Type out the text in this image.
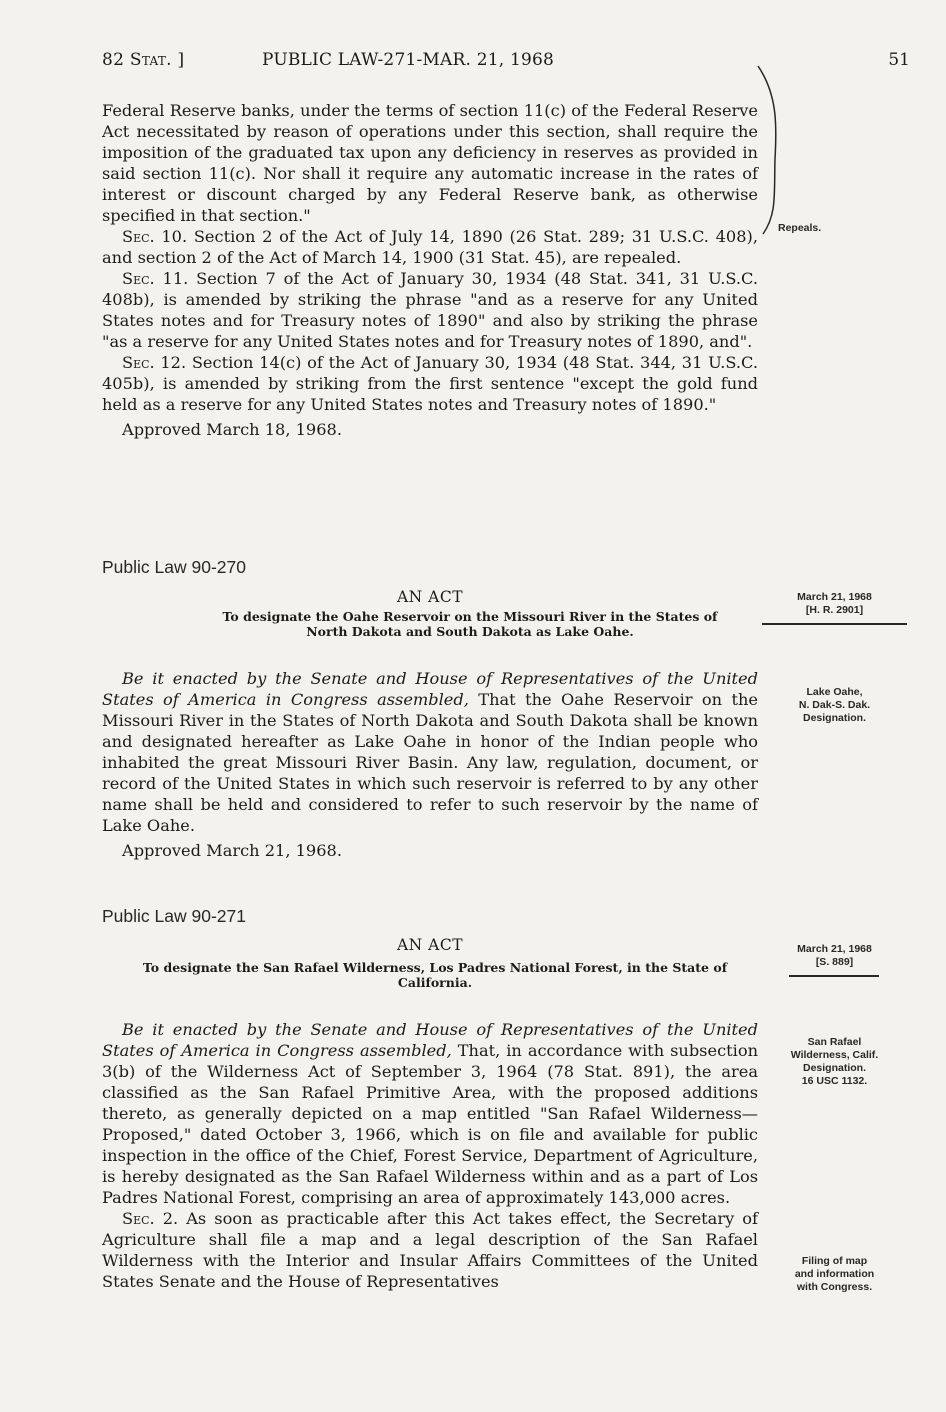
82 Stat. ]	PUBLIC LAW-271-MAR. 21, 1968	51

Federal Reserve banks, under the terms of section 11(c) of the Federal Reserve Act necessitated by reason of operations under this section, shall require the imposition of the graduated tax upon any deficiency in reserves as provided in said section 11(c). Nor shall it require any automatic increase in the rates of interest or discount charged by any Federal Reserve bank, as otherwise specified in that section."

Sec. 10. Section 2 of the Act of July 14, 1890 (26 Stat. 289; 31 U.S.C. 408), and section 2 of the Act of March 14, 1900 (31 Stat. 45), are repealed.

Sec. 11. Section 7 of the Act of January 30, 1934 (48 Stat. 341, 31 U.S.C. 408b), is amended by striking the phrase "and as a reserve for any United States notes and for Treasury notes of 1890" and also by striking the phrase "as a reserve for any United States notes and for Treasury notes of 1890, and".

Sec. 12. Section 14(c) of the Act of January 30, 1934 (48 Stat. 344, 31 U.S.C. 405b), is amended by striking from the first sentence "except the gold fund held as a reserve for any United States notes and Treasury notes of 1890."

Approved March 18, 1968.

Repeals.
Public Law 90-270
AN ACT
To designate the Oahe Reservoir on the Missouri River in the States of North Dakota and South Dakota as Lake Oahe.
March 21, 1968
[H. R. 2901]

Be it enacted by the Senate and House of Representatives of the United States of America in Congress assembled, That the Oahe Reservoir on the Missouri River in the States of North Dakota and South Dakota shall be known and designated hereafter as Lake Oahe in honor of the Indian people who inhabited the great Missouri River Basin. Any law, regulation, document, or record of the United States in which such reservoir is referred to by any other name shall be held and considered to refer to such reservoir by the name of Lake Oahe.

Approved March 21, 1968.

Lake Oahe,
N. Dak-S. Dak.
Designation.
Public Law 90-271
AN ACT
To designate the San Rafael Wilderness, Los Padres National Forest, in the State of California.
March 21, 1968
[S. 889]

Be it enacted by the Senate and House of Representatives of the United States of America in Congress assembled, That, in accordance with subsection 3(b) of the Wilderness Act of September 3, 1964 (78 Stat. 891), the area classified as the San Rafael Primitive Area, with the proposed additions thereto, as generally depicted on a map entitled "San Rafael Wilderness—Proposed," dated October 3, 1966, which is on file and available for public inspection in the office of the Chief, Forest Service, Department of Agriculture, is hereby designated as the San Rafael Wilderness within and as a part of Los Padres National Forest, comprising an area of approximately 143,000 acres.

Sec. 2. As soon as practicable after this Act takes effect, the Secretary of Agriculture shall file a map and a legal description of the San Rafael Wilderness with the Interior and Insular Affairs Committees of the United States Senate and the House of Representatives

San Rafael
Wilderness, Calif.
Designation.
16 USC 1132.
Filing of map
and information
with Congress.
